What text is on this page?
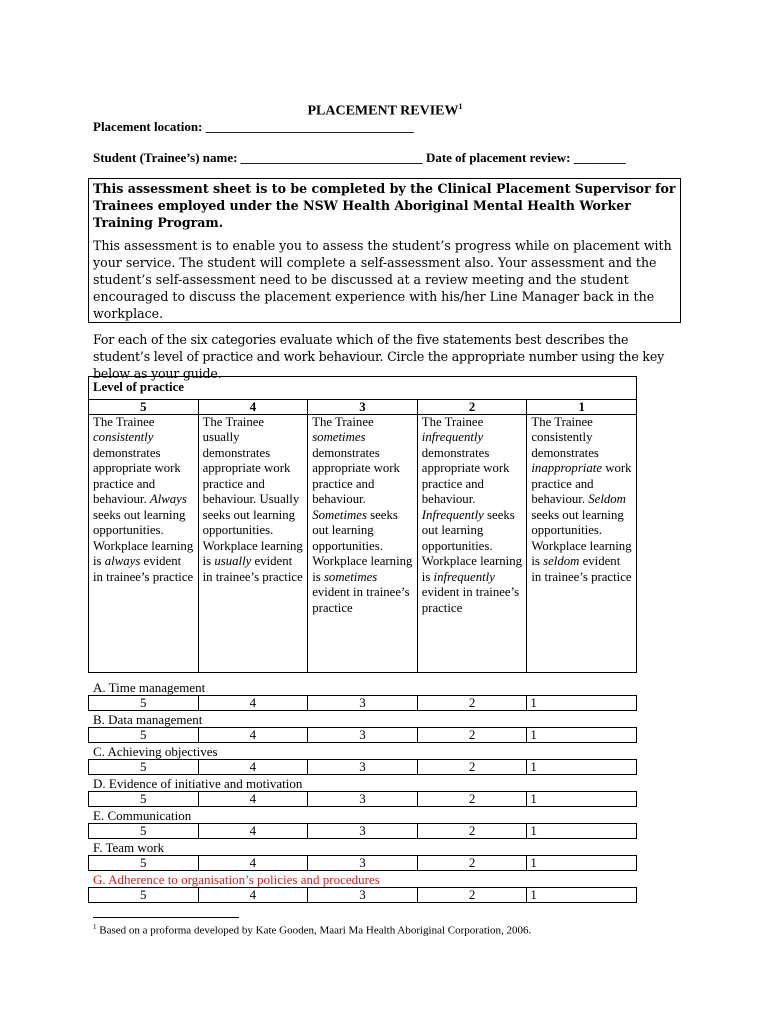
PLACEMENT REVIEW$^1$
Placement location: ________________________________
Student (Trainee’s) name: ____________________________ Date of placement review: ________
This assessment sheet is to be completed by the Clinical Placement Supervisor for Trainees employed under the NSW Health Aboriginal Mental Health Worker Training Program.
This assessment is to enable you to assess the student’s progress while on placement with your service. The student will complete a self-assessment also. Your assessment and the student’s self-assessment need to be discussed at a review meeting and the student encouraged to discuss the placement experience with his/her Line Manager back in the workplace.
For each of the six categories evaluate which of the five statements best describes the student’s level of practice and work behaviour. Circle the appropriate number using the key below as your guide.
Level of practice				
5	4	3	2	1
The Trainee consistently demonstrates appropriate work practice and behaviour. Always seeks out learning opportunities. Workplace learning is always evident in trainee’s practice	The Trainee usually demonstrates appropriate work practice and behaviour. Usually seeks out learning opportunities. Workplace learning is usually evident in trainee’s practice	The Trainee sometimes demonstrates appropriate work practice and behaviour. Sometimes seeks out learning opportunities. Workplace learning is sometimes evident in trainee’s practice	The Trainee infrequently demonstrates appropriate work practice and behaviour. Infrequently seeks out learning opportunities. Workplace learning is infrequently evident in trainee’s practice	The Trainee consistently demonstrates inappropriate work practice and behaviour. Seldom seeks out learning opportunities. Workplace learning is seldom evident in trainee’s practice
A. Time management
5	4	3	2	1
B. Data management
5	4	3	2	1
C. Achieving objectives
5	4	3	2	1
D. Evidence of initiative and motivation
5	4	3	2	1
E. Communication
5	4	3	2	1
F. Team work
5	4	3	2	1
G. Adherence to organisation’s policies and procedures
5	4	3	2	1
$^1$ Based on a proforma developed by Kate Gooden, Maari Ma Health Aboriginal Corporation, 2006.
